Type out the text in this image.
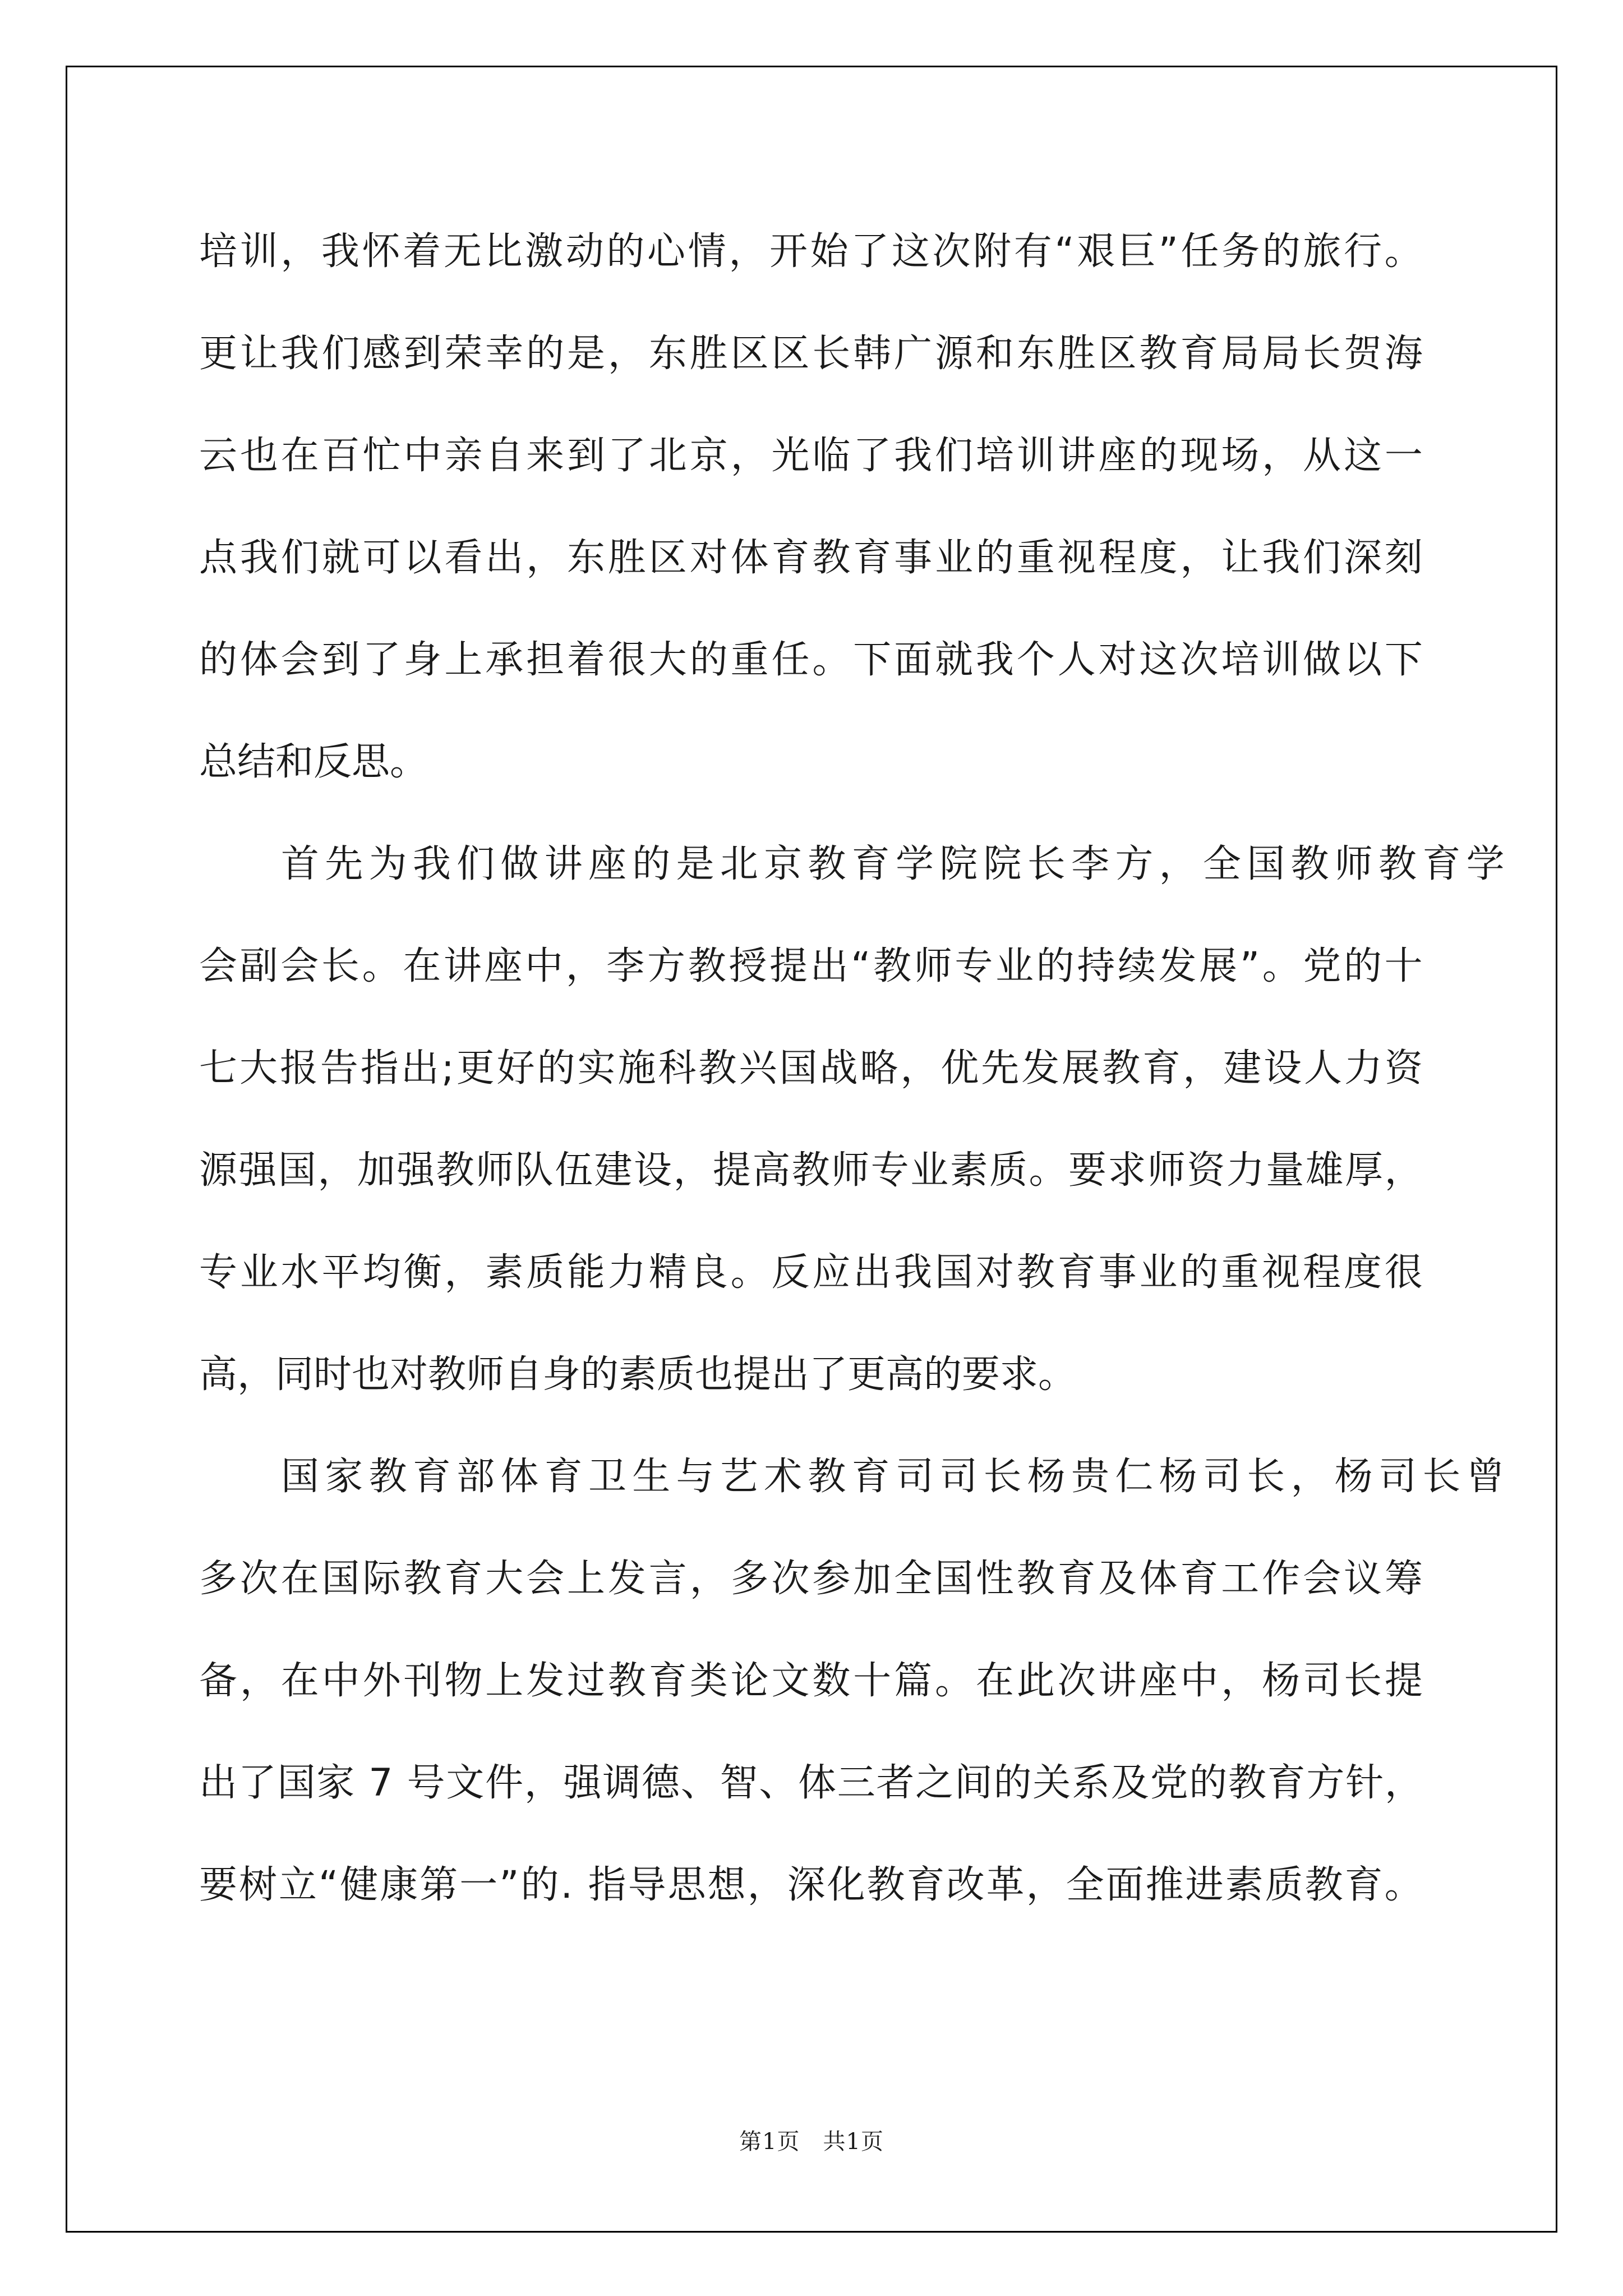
培 训 ， 我 怀 着 无 比 激 动 的 心 情 ， 开 始 了 这 次 附 有 “ 艰 巨 ” 任 务 的 旅 行 。
更 让 我 们 感 到 荣 幸 的 是 ， 东 胜 区 区 长 韩 广 源 和 东 胜 区 教 育 局 局 长 贺 海
云 也 在 百 忙 中 亲 自 来 到 了 北 京 ， 光 临 了 我 们 培 训 讲 座 的 现 场 ， 从 这 一
点 我 们 就 可 以 看 出 ， 东 胜 区 对 体 育 教 育 事 业 的 重 视 程 度 ， 让 我 们 深 刻
的 体 会 到 了 身 上 承 担 着 很 大 的 重 任 。 下 面 就 我 个 人 对 这 次 培 训 做 以 下
总结和反思。
首 先 为 我 们 做 讲 座 的 是 北 京 教 育 学 院 院 长 李 方 ， 全 国 教 师 教 育 学
会 副 会 长 。 在 讲 座 中 ， 李 方 教 授 提 出 “ 教 师 专 业 的 持 续 发 展 ” 。 党 的 十
七 大 报 告 指 出 ; 更 好 的 实 施 科 教 兴 国 战 略 ， 优 先 发 展 教 育 ， 建 设 人 力 资
源 强 国 ， 加 强 教 师 队 伍 建 设 ， 提 高 教 师 专 业 素 质 。 要 求 师 资 力 量 雄 厚 ，
专 业 水 平 均 衡 ， 素 质 能 力 精 良 。 反 应 出 我 国 对 教 育 事 业 的 重 视 程 度 很
高，同时也对教师自身的素质也提出了更高的要求。
国 家 教 育 部 体 育 卫 生 与 艺 术 教 育 司 司 长 杨 贵 仁 杨 司 长 ， 杨 司 长 曾
多 次 在 国 际 教 育 大 会 上 发 言 ， 多 次 参 加 全 国 性 教 育 及 体 育 工 作 会 议 筹
备 ， 在 中 外 刊 物 上 发 过 教 育 类 论 文 数 十 篇 。 在 此 次 讲 座 中 ， 杨 司 长 提
出 了 国 家
7
号 文 件 ， 强 调 德 、 智 、 体 三 者 之 间 的 关 系 及 党 的 教 育 方 针 ，
要 树 立 “ 健 康 第 一 ” 的 .
指 导 思 想 ， 深 化 教 育 改 革 ， 全 面 推 进 素 质 教 育 。
第1页　共1页
